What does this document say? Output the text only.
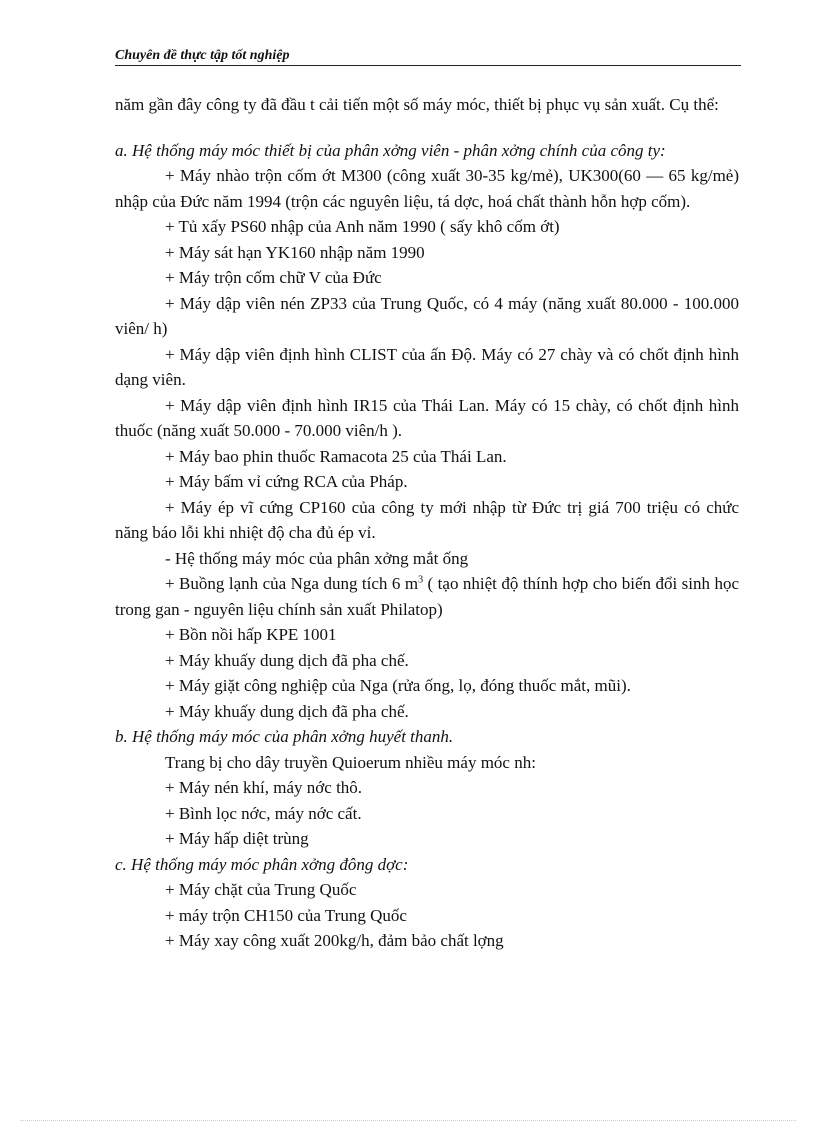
Chuyên đề thực tập tốt nghiệp

năm gần đây công ty đã đầu t cải tiến một số máy móc, thiết bị phục vụ sản xuất. Cụ thể:

a. Hệ thống máy móc thiết bị của phân xởng viên - phân xởng chính của công ty:

+ Máy nhào trộn cốm ớt M300 (công xuất 30-35 kg/mẻ), UK300(60 — 65 kg/mẻ) nhập của Đức năm 1994 (trộn các nguyên liệu, tá dợc, hoá chất thành hỗn hợp cốm).

+ Tủ xấy PS60 nhập của Anh năm 1990 ( sấy khô cốm ớt)

+ Máy sát hạn YK160 nhập năm 1990

+ Máy trộn cốm chữ V của Đức

+ Máy dập viên nén ZP33 của Trung Quốc, có 4 máy (năng xuất 80.000 - 100.000 viên/ h)

+ Máy dập viên định hình CLIST của ấn Độ. Máy có 27 chày và có chốt định hình dạng viên.

+ Máy dập viên định hình IR15 của Thái Lan. Máy có 15 chày, có chốt định hình thuốc (năng xuất 50.000 - 70.000 viên/h ).

+ Máy bao phin thuốc Ramacota 25 của Thái Lan.

+ Máy bấm vỉ cứng RCA của Pháp.

+ Máy ép vĩ cứng CP160 của công ty mới nhập từ Đức trị giá 700 triệu có chức năng báo lỗi khi nhiệt độ cha đủ ép vỉ.

- Hệ thống máy móc của phân xởng mắt ống

+ Buồng lạnh của Nga dung tích 6 $m^3$ ( tạo nhiệt độ thính hợp cho biến đổi sinh học trong gan - nguyên liệu chính sản xuất Philatop)

+ Bồn nồi hấp KPE 1001

+ Máy khuấy dung dịch đã pha chế.

+ Máy giặt công nghiệp của Nga (rửa ống, lọ, đóng thuốc mắt, mũi).

+ Máy khuấy dung dịch đã pha chế.

b. Hệ thống máy móc của phân xởng huyết thanh.

Trang bị cho dây truyền Quioerum nhiều máy móc nh:

+ Máy nén khí, máy nớc thô.

+ Bình lọc nớc, máy nớc cất.

+ Máy hấp diệt trùng

c. Hệ thống máy móc phân xởng đông dợc:

+ Máy chặt của Trung Quốc

+ máy trộn CH150 của Trung Quốc

+ Máy xay công xuất 200kg/h, đảm bảo chất lợng
